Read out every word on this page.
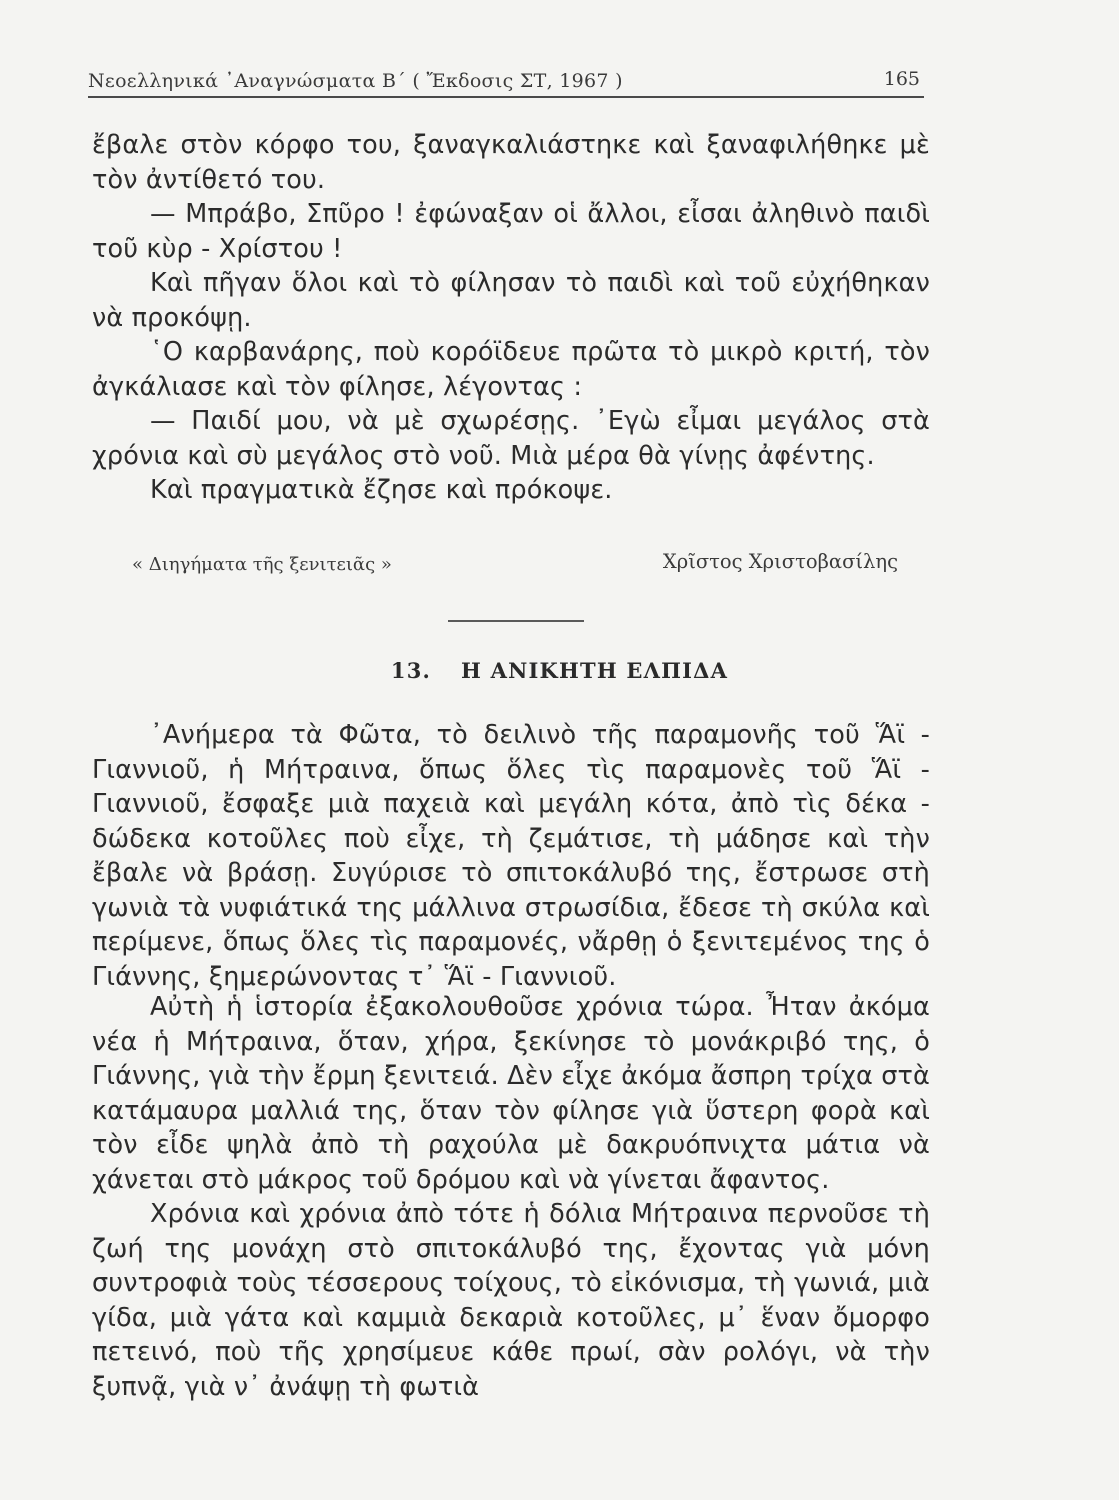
Νεοελληνικά ᾿Αναγνώσματα Β΄ ( Ἔκδοσις ΣΤ, 1967 )	165

ἔβαλε στὸν κόρφο του, ξαναγκαλιάστηκε καὶ ξαναφιλήθηκε μὲ τὸν ἀντίθετό του.

— Μπράβο, Σπῦρο ! ἐφώναξαν οἱ ἄλλοι, εἶσαι ἀληθινὸ παιδὶ τοῦ κὺρ - Χρίστου !

Καὶ πῆγαν ὅλοι καὶ τὸ φίλησαν τὸ παιδὶ καὶ τοῦ εὐχήθηκαν νὰ προκόψῃ.

῾Ο καρβανάρης, ποὺ κορόϊδευε πρῶτα τὸ μικρὸ κριτή, τὸν ἀγκάλιασε καὶ τὸν φίλησε, λέγοντας :

— Παιδί μου, νὰ μὲ σχωρέσῃς. ᾿Εγὼ εἶμαι μεγάλος στὰ χρόνια καὶ σὺ μεγάλος στὸ νοῦ. Μιὰ μέρα θὰ γίνῃς ἀφέντης.

Καὶ πραγματικὰ ἔζησε καὶ πρόκοψε.

« Διηγήματα τῆς ξενιτειᾶς »	Χρῖστος Χριστοβασίλης
13. Η ΑΝΙΚΗΤΗ ΕΛΠΙΔΑ

᾿Ανήμερα τὰ Φῶτα, τὸ δειλινὸ τῆς παραμονῆς τοῦ Ἅϊ - Γιαννιοῦ, ἡ Μήτραινα, ὅπως ὅλες τὶς παραμονὲς τοῦ Ἅϊ - Γιαννιοῦ, ἔσφαξε μιὰ παχειὰ καὶ μεγάλη κότα, ἀπὸ τὶς δέκα - δώδεκα κοτοῦλες ποὺ εἶχε, τὴ ζεμάτισε, τὴ μάδησε καὶ τὴν ἔβαλε νὰ βράσῃ. Συγύρισε τὸ σπιτοκάλυβό της, ἔστρωσε στὴ γωνιὰ τὰ νυφιάτικά της μάλλινα στρωσίδια, ἔδεσε τὴ σκύλα καὶ περίμενε, ὅπως ὅλες τὶς παραμονές, νἄρθῃ ὁ ξενιτεμένος της ὁ Γιάννης, ξημερώνοντας τ᾿ Ἅϊ - Γιαννιοῦ.

Αὐτὴ ἡ ἱστορία ἐξακολουθοῦσε χρόνια τώρα. Ἦταν ἀκόμα νέα ἡ Μήτραινα, ὅταν, χήρα, ξεκίνησε τὸ μονάκριβό της, ὁ Γιάννης, γιὰ τὴν ἔρμη ξενιτειά. Δὲν εἶχε ἀκόμα ἄσπρη τρίχα στὰ κατάμαυρα μαλλιά της, ὅταν τὸν φίλησε γιὰ ὕστερη φορὰ καὶ τὸν εἶδε ψηλὰ ἀπὸ τὴ ραχούλα μὲ δακρυόπνιχτα μάτια νὰ χάνεται στὸ μάκρος τοῦ δρόμου καὶ νὰ γίνεται ἄφαντος.

Χρόνια καὶ χρόνια ἀπὸ τότε ἡ δόλια Μήτραινα περνοῦσε τὴ ζωή της μονάχη στὸ σπιτοκάλυβό της, ἔχοντας γιὰ μόνη συντροφιὰ τοὺς τέσσερους τοίχους, τὸ εἰκόνισμα, τὴ γωνιά, μιὰ γίδα, μιὰ γάτα καὶ καμμιὰ δεκαριὰ κοτοῦλες, μ᾿ ἕναν ὄμορφο πετεινό, ποὺ τῆς χρησίμευε κάθε πρωί, σὰν ρολόγι, νὰ τὴν ξυπνᾷ, γιὰ ν᾿ ἀνάψῃ τὴ φωτιὰ
